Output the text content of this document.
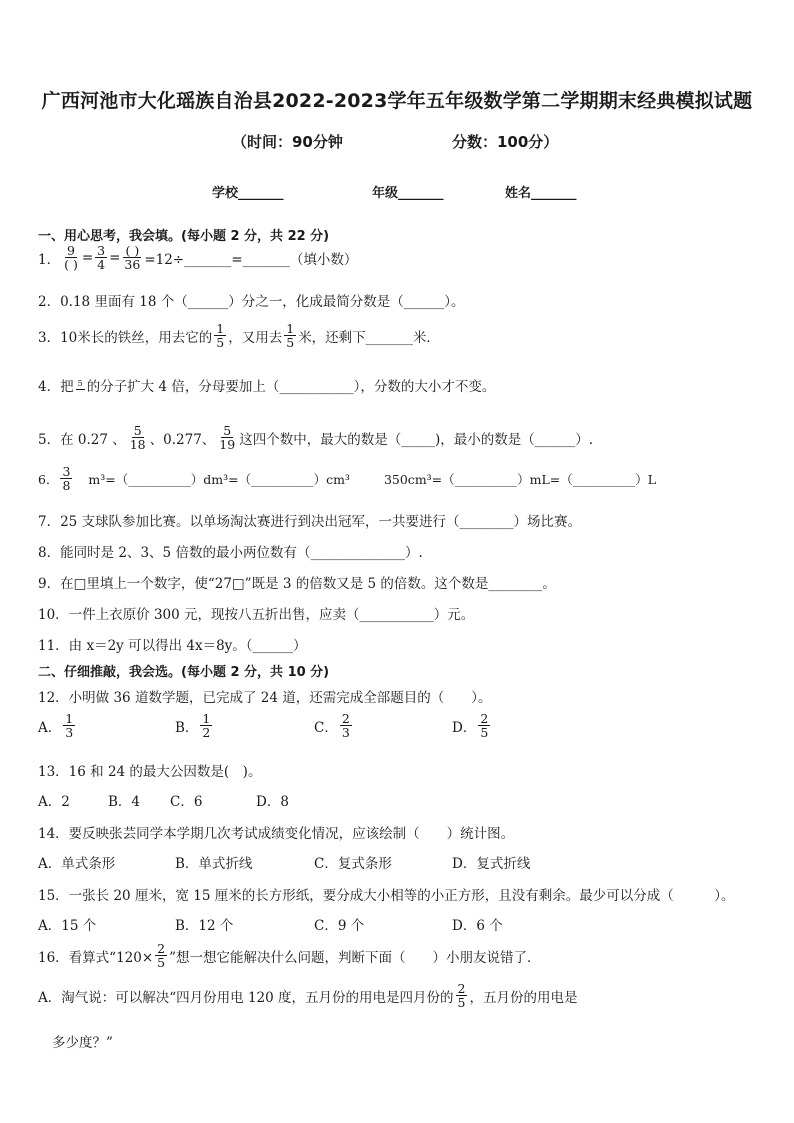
广西河池市大化瑶族自治县2022-2023学年五年级数学第二学期期末经典模拟试题
（时间：90分钟	分数：100分）
学校_______	年级_______	姓名_______
一、用心思考，我会填。(每小题 2 分，共 22 分)
1． $\frac{9}{( )} = \frac{3}{4} = \frac{( )}{36}$ =12÷_______=_______（填小数）
2．0.18 里面有 18 个（______）分之一，化成最简分数是（______）。
3．10米长的铁丝，用去它的 $\frac{1}{5}$ ，又用去 $\frac{1}{5}$ 米，还剩下_______米．
4．把 5 的分子扩大 4 倍，分母要加上（___________），分数的大小才不变。
5．在 0.27 、 $\frac{5}{18}$ 、0.277、 $\frac{5}{19}$ 这四个数中，最大的数是（_____)，最小的数是（______）.
6． $\frac{3}{8}$ m³=（__________）dm³=（__________）cm³	350cm³=（__________）mL=（__________）L
7．25 支球队参加比赛。以单场淘汰赛进行到决出冠军，一共要进行（________）场比赛。
8．能同时是 2、3、5 倍数的最小两位数有（______________）.
9．在□里填上一个数字，使“27□”既是 3 的倍数又是 5 的倍数。这个数是________。
10．一件上衣原价 300 元，现按八五折出售，应卖（___________）元。
11．由 x＝2y 可以得出 4x＝8y。（______）
二、仔细推敲，我会选。(每小题 2 分，共 10 分)
12．小明做 36 道数学题，已完成了 24 道，还需完成全部题目的（　　）。
A． $\frac{1}{3}$	B． $\frac{1}{2}$	C． $\frac{2}{3}$	D． $\frac{2}{5}$
13．16 和 24 的最大公因数是(　)。
A．2	B．4 C．6	D．8
14．要反映张芸同学本学期几次考试成绩变化情况，应该绘制（　　）统计图。
A．单式条形	B．单式折线	C．复式条形	D．复式折线
15．一张长 20 厘米，宽 15 厘米的长方形纸，要分成大小相等的小正方形，且没有剩余。最少可以分成（　　　）。
A．15 个	B．12 个	C．9 个	D．6 个
16．看算式“$120\times \frac{2}{5}$ ”想一想它能解决什么问题，判断下面（　　）小朋友说错了．
A．淘气说：可以解决“四月份用电 120 度，五月份的用电是四月份的 $\frac{2}{5}$ ，五月份的用电是
多少度？”
